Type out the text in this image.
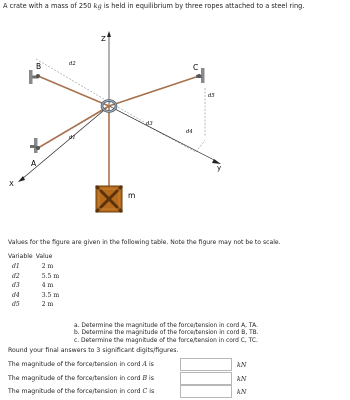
A crate with a mass of 250 kg is held in equilibrium by three ropes attached to a steel ring.
B
A
C
X
y
Z
m
d2
d1
d3
d4
d5
Values for the figure are given in the following table. Note the figure may not be to scale.
Variable	Value
d1	2 m
d2	5.5 m
d3	4 m
d4	3.5 m
d5	2 m
a. Determine the magnitude of the force/tension in cord A, TA.
b. Determine the magnitude of the force/tension in cord B, TB.
c. Determine the magnitude of the force/tension in cord C, TC.
Round your final answers to 3 significant digits/figures.
The magnitude of the force/tension in cord A is	kN
The magnitude of the force/tension in cord B is	kN
The magnitude of the force/tension in cord C is	kN
